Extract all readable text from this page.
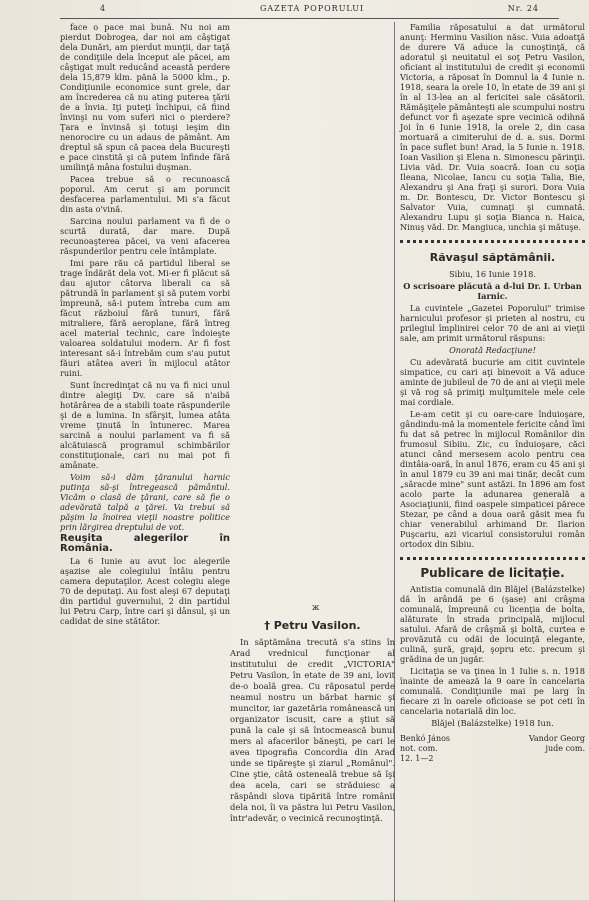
4	GAZETA POPORULUI	Nr. 24

face o pace mai bună. Nu noi am pierdut Dobrogea, dar noi am câştigat dela Dunări, am pierdut munţii, dar taţă de condiţiile dela început ale păcei, am câştigat mult reducând această perdere dela 15,879 klm. pănă la 5000 klm., p. Condiţiunile economice sunt grele, dar am încrederea că nu ating puterea ţării de a învia. Iţi puteţi închipui, că fiind învinşi nu vom suferi nici o pierdere? Ţara e învinsă şi totuşi ieşim din nenorocire cu un adaus de pământ. Am dreptul să spun că pacea dela Bucureşti e pace cinstită şi că putem înfinde fără umilinţă mâna fostului duşman.

Pacea trebue să o recunoască poporul. Am cerut şi am poruncit desfacerea parlamentului. Mi s'a făcut din asta o'vină.

Sarcina noului parlament va fi de o scurtă durată, dar mare. După recunoaşterea păcei, va veni afacerea răspunderilor pentru cele întâmplate.

Imi pare rău că partidul liberal se trage îndărăt dela vot. Mi-er fi plăcut să dau ajutor câtorva liberali ca să pătrundă în parlament şi să putem vorbi împreună, să-i putem întreba cum am făcut războiul fără tunuri, fără mitraliere, fără aeroplane, fără întreg acel material technic, care îndoieşte valoarea soldatului modern. Ar fi fost interesant să-i întrebăm cum s'au putut făuri atâtea averi în mijlocul atâtor ruini.

Sunt încredinţat că nu va fi nici unul dintre alegiţi Dv. care să n'aibă hotărârea de a stabili toate răspunderile şi de a lumina. In sfârşit, lumea atâta vreme ţinută în întunerec. Marea sarcină a noului parlament va fi să alcătuiască programul schimbărilor constituţionale, cari nu mai pot fi amânate.

Voim să-i dăm ţăranului harnic putinţa să-şi întregească pământul. Vicăm o clasă de ţărani, care să fie o adevărată talpă a ţărei. Va trebui să păşim la înoirea vieţii noastre politice prin lărgirea dreptului de vot.

Reuşita alegerilor în România.

La 6 Iunie au avut loc alegerile aşazise ale colegiului întâiu pentru camera deputaţilor. Acest colegiu alege 70 de deputaţi. Au fost aleşi 67 deputaţi din partidul guvernului, 2 din partidul lui Petru Carp, între cari şi dânsul, şi un cadidat de sine stătător.

Familia răposatului a dat următorul anunţ: Herminu Vasilion născ. Vuia adoatţă de durere Vă aduce la cunoştinţă, că adoratul şi neuitatul ei soţ Petru Vasilon, oficiant al institutului de credit şi economii Victoria, a răposat în Domnul la 4 Iunie n. 1918, seara la orele 10, în etate de 39 ani şi în al 13-lea an al fericitei sale căsătorii. Rămăşiţele pământeşti ale scumpului nostru defunct vor fi aşezate spre vecinică odihnă Joi în 6 Iunie 1918, la orele 2, din casa mortuară a cimiterului de d. a. sus. Dormi în pace suflet bun! Arad, la 5 Iunie n. 1918. Ioan Vasilion şi Elena n. Simonescu părinţii. Livia văd. Dr. Vuia soacră. Ioan cu soţia Ileana, Nicolae, Iancu cu soţia Talia, Bie, Alexandru şi Ana fraţi şi surori. Dora Vuia m. Dr. Bontescu, Dr. Victor Bontescu şi Salvator Vuia, cumnaţi şi cumnată. Alexandru Lupu şi soţia Bianca n. Haica, Ninuş văd. Dr. Mangiuca, unchia şi mătuşe.

Răvaşul săptămânii.

Sibiu, 16 Iunie 1918.

O scrisoare plăcută a d-lui Dr. I. Urban Iarnic.

La cuvintele „Gazetei Poporului" trimise harnicului profesor şi prieten al nostru, cu prilegiul împlinirei celor 70 de ani ai vieţii sale, am primit următorul răspuns:

Onorată Redacţiune!

Cu adevărată bucurie am citit cuvintele simpatice, cu cari aţi binevoit a Vă aduce aminte de jubileul de 70 de ani ai vieţii mele şi vă rog să primiţi mulţumitele mele cele mai cordiale.

Le-am cetit şi cu oare-care înduioşare, gândindu-mă la momentele fericite când îmi fu dat să petrec în mijlocul Românilor din frumosul Sibiiu. Zic, cu înduioşare, căci atunci când mersesem acolo pentru cea dintâia-oară, în anul 1876, eram cu 45 ani şi în anul 1879 cu 39 ani mai tinăr, decât cum „săracde mine" sunt astăzi. In 1896 am fost acolo parte la adunarea generală a Asociaţiunii, fiind oaspele simpaticei părece Stezar, pe când a doua oară găsit mea fu chiar venerabilul arhimand Dr. Ilarion Puşcariu, azi vicariul consistorului român ortodox din Sibiu.

Publicare de licitaţie.

Antistia comunală din Blăjel (Balázstelke) dă în arândă pe 6 (şase) ani crâşma comunală, împreună cu licenţia de bolta, alăturate în strada principală, mijlocul satului. Afară de crâşmă şi boltă, curtea e provăzută cu odăi de locuinţă elegante, culină, şură, grajd, şopru etc. precum şi grădina de un jugăr.

Licitaţia se va ţinea în 1 Iulie s. n. 1918 înainte de amează la 9 oare în cancelaria comunală. Condiţiunile mai pe larg în fiecare zi în oarele oficioase se pot ceti în cancelaria notarială din loc.

Blăjel (Balázstelke) 1918 Iun.

Benkó János	Vandor Georg
not. com.	jude com.
12. 1—2
ж
† Petru Vasilon.

In săptămâna trecută s'a stins în Arad vrednicul funcţionar al institutului de credit „VICTORIA" Petru Vasilon, în etate de 39 ani, lovit de-o boală grea. Cu răposatul perde neamul nostru un bărbat harnic şi muncitor, iar gazetăria românească un organizator iscusit, care a ştiut să pună la cale şi să întocmească bunul mers al afacerilor băneşti, pe cari le avea tipografia Concordia din Arad unde se tipăreşte şi ziarul „Românul". Cine ştie, câtă osteneală trebue să îşi dea acela, cari se străduiesc a răspândi slova tipărită între românii dela noi, îi va păstra lui Petru Vasilon, într'adevăr, o vecinică recunoştinţă.
